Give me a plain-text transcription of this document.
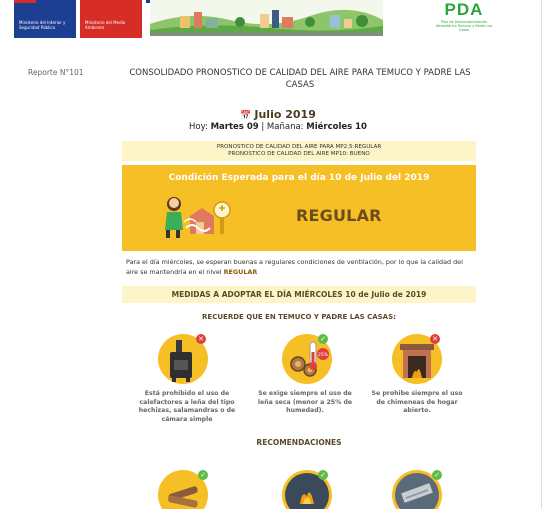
Ministerio del Interior y Seguridad Pública
Ministerio del Medio Ambiente
PDA
Plan de Descontaminación Atmosférica Temuco y Padre Las Casas
Reporte N°101	CONSOLIDADO PRONOSTICO DE CALIDAD DEL AIRE PARA TEMUCO Y PADRE LAS CASAS
📅 Julio 2019
Hoy: Martes 09 | Mañana: Miércoles 10
PRONOSTICO DE CALIDAD DEL AIRE PARA MP2,5:REGULAR
PRONOSTICO DE CALIDAD DEL AIRE MP10: BUENO
Condición Esperada para el día 10 de Julio del 2019
REGULAR
Para el día miércoles, se esperan buenas a regulares condiciones de ventilación, por lo que la calidad del aire se mantendría en el nivel REGULAR
MEDIDAS A ADOPTAR EL DÍA MIÉRCOLES 10 de Julio de 2019
RECUERDE QUE EN TEMUCO Y PADRE LAS CASAS:
✕
25%
✓	✕
Está prohibido el uso de calefactores a leña del tipo hechizas, salamandras o de cámara simple
Se exige siempre el uso de leña seca (menor a 25% de humedad).
Se prohibe siempre el uso de chimeneas de hogar abierto.
RECOMENDACIONES
✓	✓	✓
